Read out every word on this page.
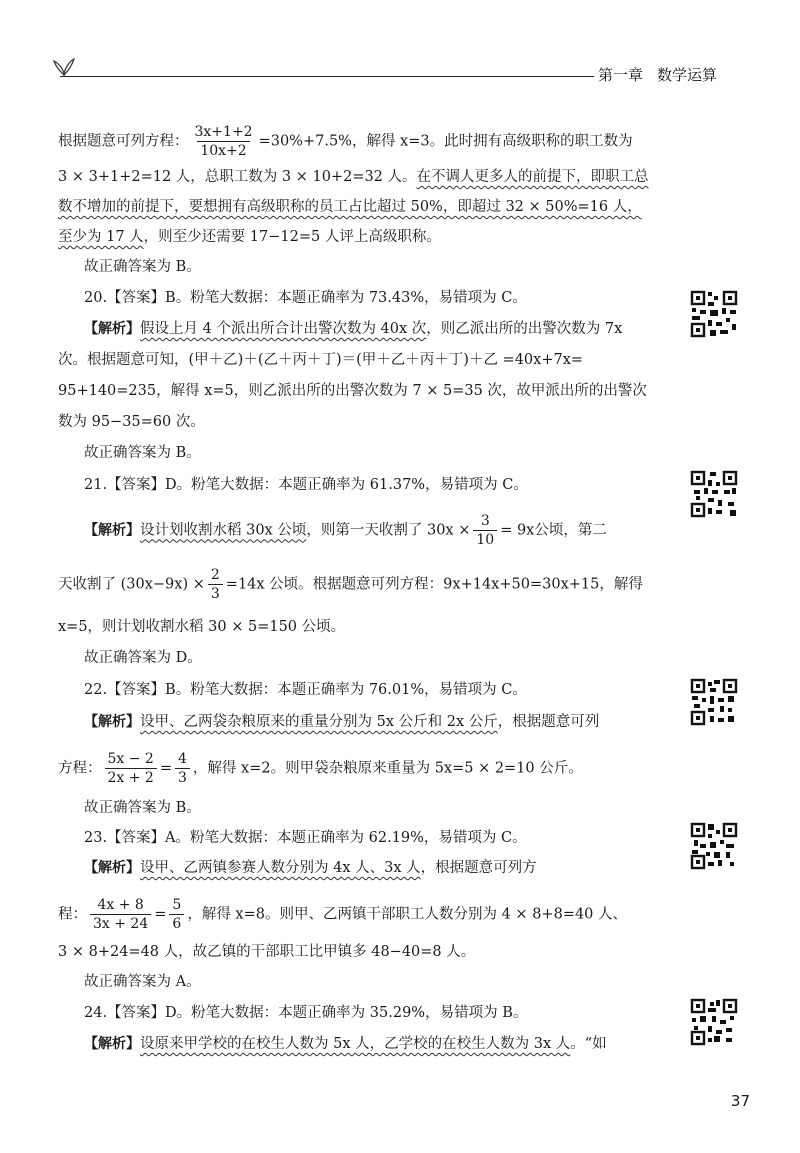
第一章 数学运算
根据题意可列方程： $\frac{3x+1+2}{10x+2} =30\%+7.5\%$，解得 x=3。此时拥有高级职称的职工数为
3 × 3+1+2=12 人，总职工数为 3 × 10+2=32 人。在不调人更多人的前提下，即职工总
数不增加的前提下，要想拥有高级职称的员工占比超过 50%，即超过 32 × 50%=16 人，
至少为 17 人，则至少还需要 17−12=5 人评上高级职称。
故正确答案为 B。
20.【答案】B。粉笔大数据：本题正确率为 73.43%，易错项为 C。
【解析】假设上月 4 个派出所合计出警次数为 40x 次，则乙派出所的出警次数为 7x
次。根据题意可知，(甲＋乙)＋(乙＋丙＋丁)＝(甲＋乙＋丙＋丁)＋乙 =40x+7x=
95+140=235，解得 x=5，则乙派出所的出警次数为 7 × 5=35 次，故甲派出所的出警次
数为 95−35=60 次。
故正确答案为 B。
21.【答案】D。粉笔大数据：本题正确率为 61.37%，易错项为 C。
【解析】设计划收割水稻 30x 公顷，则第一天收割了 $30x \times \frac{3}{10} = 9x$公顷，第二
天收割了 $(30x-9x) \times \frac{2}{3} =14x$ 公顷。根据题意可列方程：9x+14x+50=30x+15，解得
x=5，则计划收割水稻 30 × 5=150 公顷。
故正确答案为 D。
22.【答案】B。粉笔大数据：本题正确率为 76.01%，易错项为 C。
【解析】设甲、乙两袋杂粮原来的重量分别为 5x 公斤和 2x 公斤，根据题意可列
方程： $\frac{5x - 2}{2x + 2} = \frac{4}{3}$ ，解得 x=2。则甲袋杂粮原来重量为 5x=5 × 2=10 公斤。
故正确答案为 B。
23.【答案】A。粉笔大数据：本题正确率为 62.19%，易错项为 C。
【解析】设甲、乙两镇参赛人数分别为 4x 人、3x 人，根据题意可列方
程： $\frac{4x + 8}{3x + 24} = \frac{5}{6}$ ，解得 x=8。则甲、乙两镇干部职工人数分别为 4 × 8+8=40 人、
3 × 8+24=48 人，故乙镇的干部职工比甲镇多 48−40=8 人。
故正确答案为 A。
24.【答案】D。粉笔大数据：本题正确率为 35.29%，易错项为 B。
【解析】设原来甲学校的在校生人数为 5x 人，乙学校的在校生人数为 3x 人。“如
37
